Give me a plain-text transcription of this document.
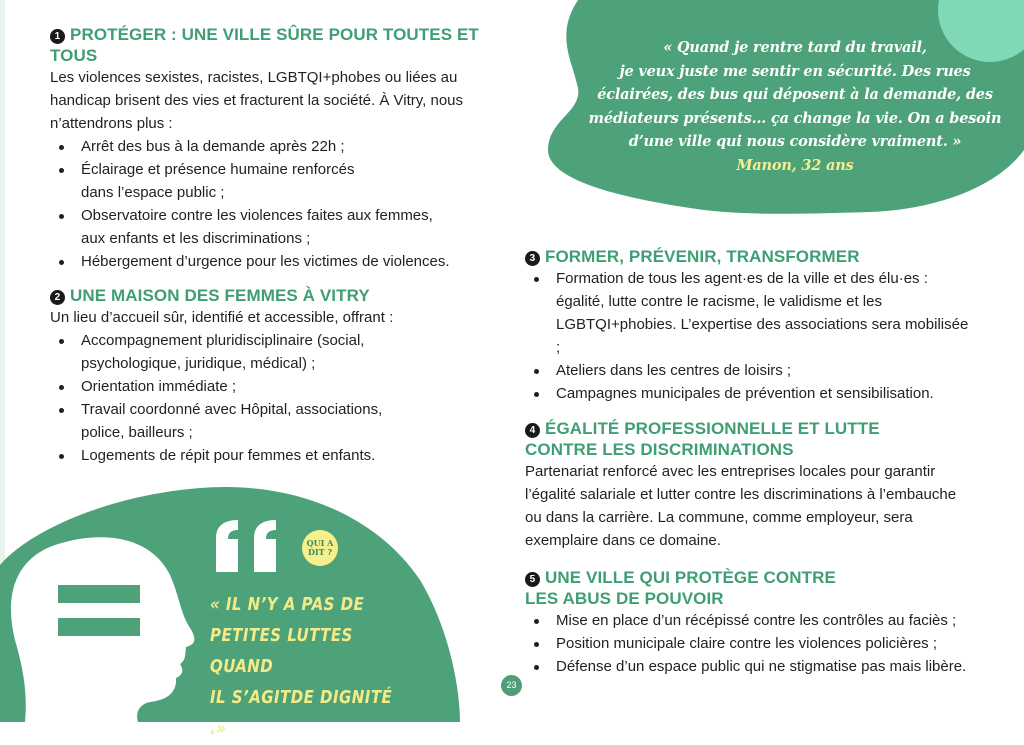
QUI A
DIT ?
« IL N’Y A PAS DE
PETITES LUTTES QUAND
IL S’AGITDE DIGNITÉ .»
1 PROTÉGER : UNE VILLE SÛRE POUR TOUTES ET TOUS

Les violences sexistes, racistes, LGBTQI+phobes ou liées au handicap brisent des vies et fracturent la société. À Vitry, nous n’attendrons plus :

Arrêt des bus à la demande après 22h ;
Éclairage et présence humaine renforcés dans l’espace public ;
Observatoire contre les violences faites aux femmes, aux enfants et les discriminations ;
Hébergement d’urgence pour les victimes de violences.
2 UNE MAISON DES FEMMES À VITRY

Un lieu d’accueil sûr, identifié et accessible, offrant :

Accompagnement pluridisciplinaire (social, psychologique, juridique, médical) ;
Orientation immédiate ;
Travail coordonné avec Hôpital, associations, police, bailleurs ;
Logements de répit pour femmes et enfants.
« Quand je rentre tard du travail,
je veux juste me sentir en sécurité. Des rues
éclairées, des bus qui déposent à la demande, des
médiateurs présents... ça change la vie. On a besoin
d’une ville qui nous considère vraiment. »
Manon, 32 ans
3 FORMER, PRÉVENIR, TRANSFORMER
Formation de tous les agent·es de la ville et des élu·es : égalité, lutte contre le racisme, le validisme et les LGBTQI+phobies. L’expertise des associations sera mobilisée ;
Ateliers dans les centres de loisirs ;
Campagnes municipales de prévention et sensibilisation.
4 ÉGALITÉ PROFESSIONNELLE ET LUTTE CONTRE LES DISCRIMINATIONS

Partenariat renforcé avec les entreprises locales pour garantir l’égalité salariale et lutter contre les discriminations à l’embauche ou dans la carrière. La commune, comme employeur, sera exemplaire dans ce domaine.

5 UNE VILLE QUI PROTÈGE CONTRE LES ABUS DE POUVOIR
Mise en place d’un récépissé contre les contrôles au faciès ;
Position municipale claire contre les violences policières ;
Défense d’un espace public qui ne stigmatise pas mais libère.
23
